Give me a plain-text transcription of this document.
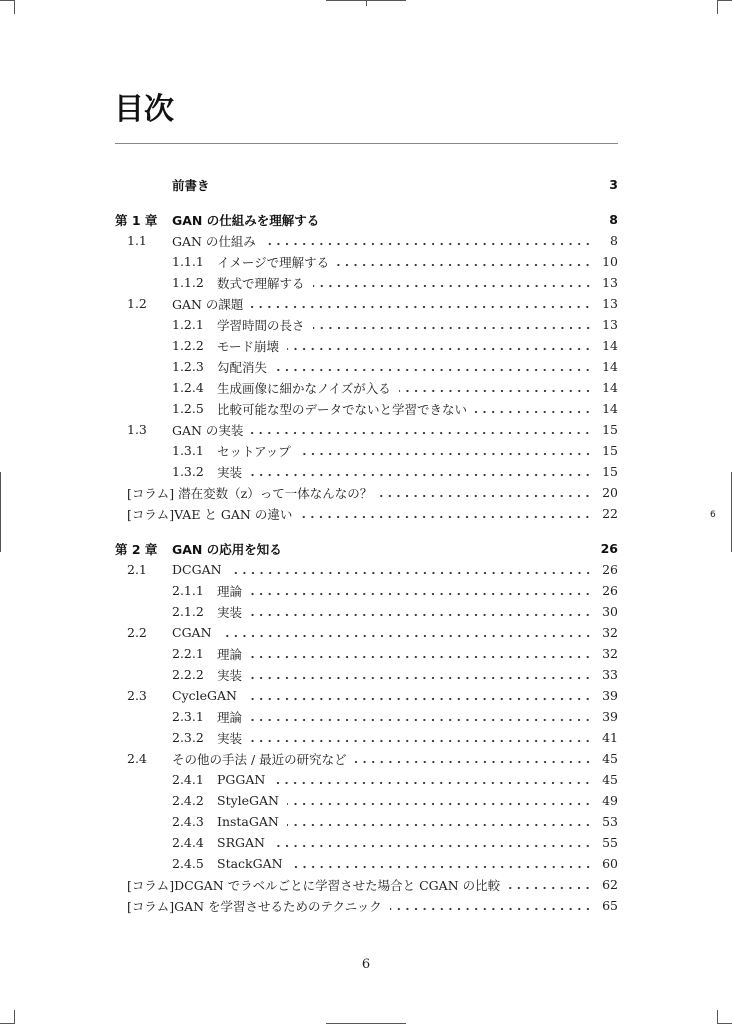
目次
前書き	3
第 1 章	GAN の仕組みを理解する	8
1.1	GAN の仕組み	8
1.1.1	イメージで理解する	10
1.1.2	数式で理解する	13
1.2	GAN の課題	13
1.2.1	学習時間の長さ	13
1.2.2	モード崩壊	14
1.2.3	勾配消失	14
1.2.4	生成画像に細かなノイズが入る	14
1.2.5	比較可能な型のデータでないと学習できない	14
1.3	GAN の実装	15
1.3.1	セットアップ	15
1.3.2	実装	15
[コラム] 潜在変数（z）って一体なんなの？	20
[コラム]VAE と GAN の違い	22
第 2 章	GAN の応用を知る	26
2.1	DCGAN	26
2.1.1	理論	26
2.1.2	実装	30
2.2	CGAN	32
2.2.1	理論	32
2.2.2	実装	33
2.3	CycleGAN	39
2.3.1	理論	39
2.3.2	実装	41
2.4	その他の手法 / 最近の研究など	45
2.4.1	PGGAN	45
2.4.2	StyleGAN	49
2.4.3	InstaGAN	53
2.4.4	SRGAN	55
2.4.5	StackGAN	60
[コラム]DCGAN でラベルごとに学習させた場合と CGAN の比較	62
[コラム]GAN を学習させるためのテクニック	65
6
6
